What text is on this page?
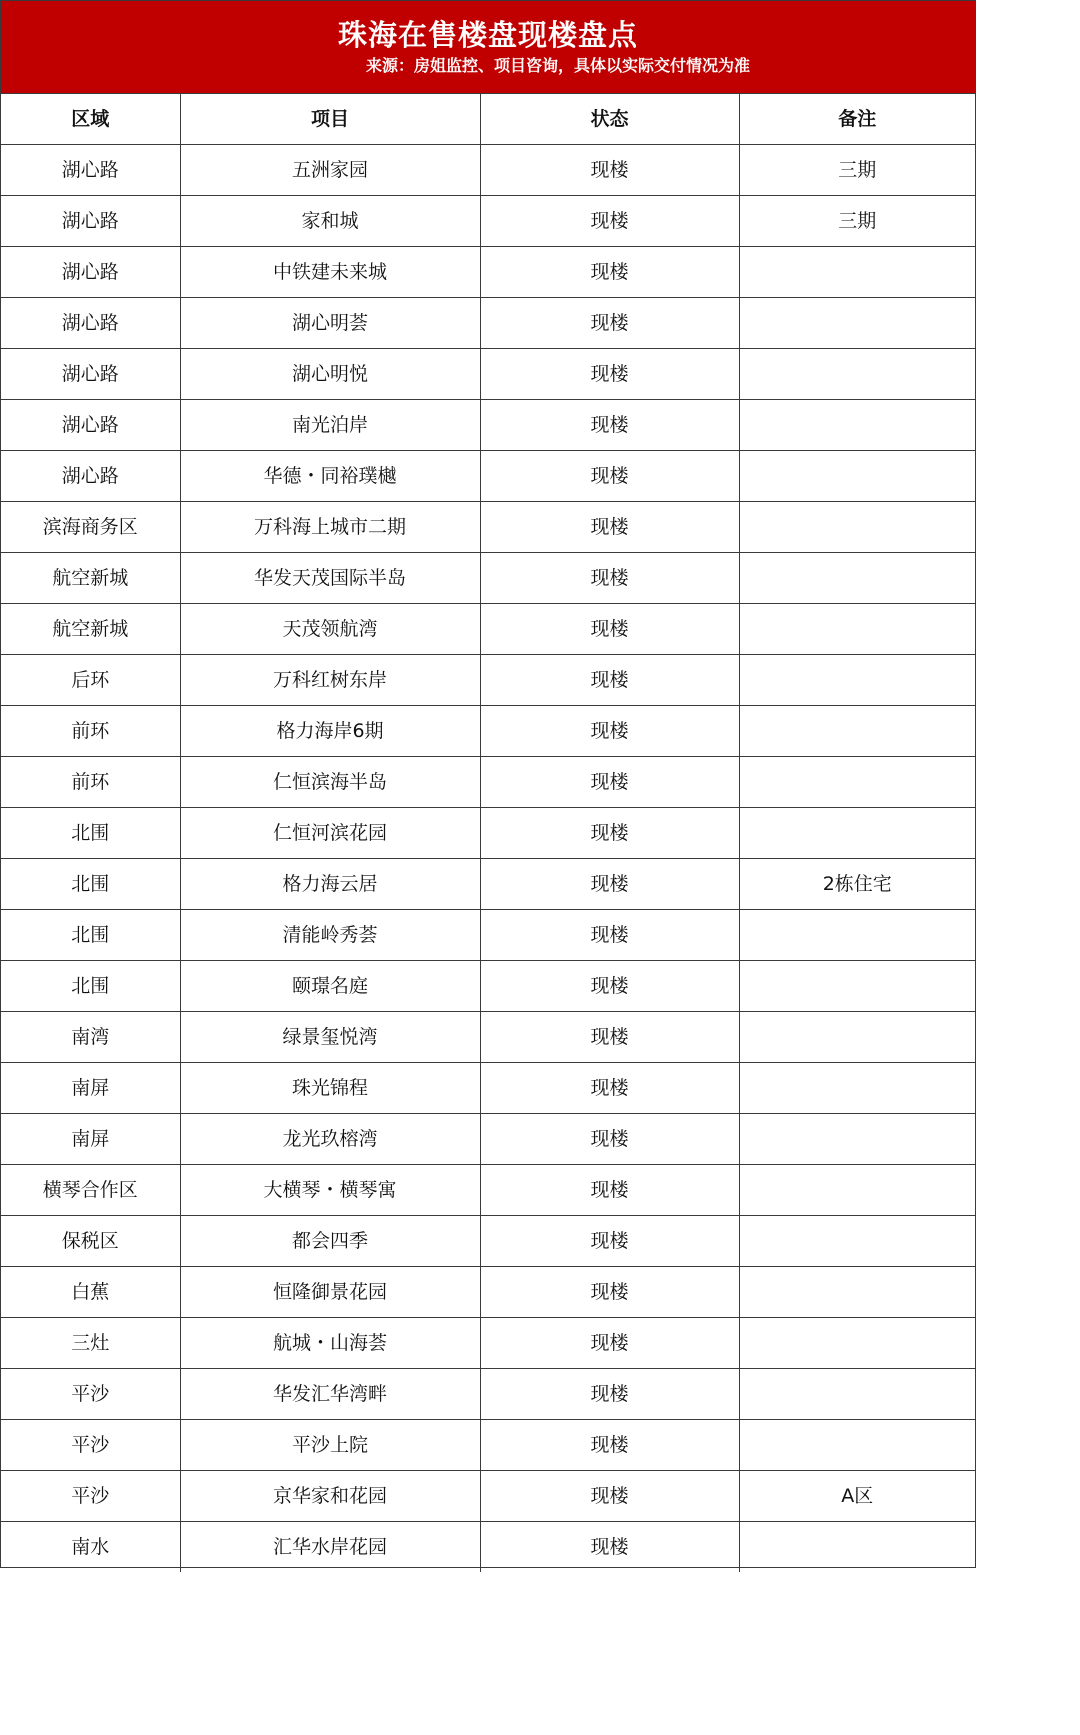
珠海在售楼盘现楼盘点
来源：房姐监控、项目咨询，具体以实际交付情况为准
区域	项目	状态	备注
湖心路	五洲家园	现楼	三期
湖心路	家和城	现楼	三期
湖心路	中铁建未来城	现楼	
湖心路	湖心明荟	现楼	
湖心路	湖心明悦	现楼	
湖心路	南光泊岸	现楼	
湖心路	华德・同裕璞樾	现楼	
滨海商务区	万科海上城市二期	现楼	
航空新城	华发天茂国际半岛	现楼	
航空新城	天茂领航湾	现楼	
后环	万科红树东岸	现楼	
前环	格力海岸6期	现楼	
前环	仁恒滨海半岛	现楼	
北围	仁恒河滨花园	现楼	
北围	格力海云居	现楼	2栋住宅
北围	清能岭秀荟	现楼	
北围	颐璟名庭	现楼	
南湾	绿景玺悦湾	现楼	
南屏	珠光锦程	现楼	
南屏	龙光玖榕湾	现楼	
横琴合作区	大横琴・横琴寓	现楼	
保税区	都会四季	现楼	
白蕉	恒隆御景花园	现楼	
三灶	航城・山海荟	现楼	
平沙	华发汇华湾畔	现楼	
平沙	平沙上院	现楼	
平沙	京华家和花园	现楼	A区
南水	汇华水岸花园	现楼	
